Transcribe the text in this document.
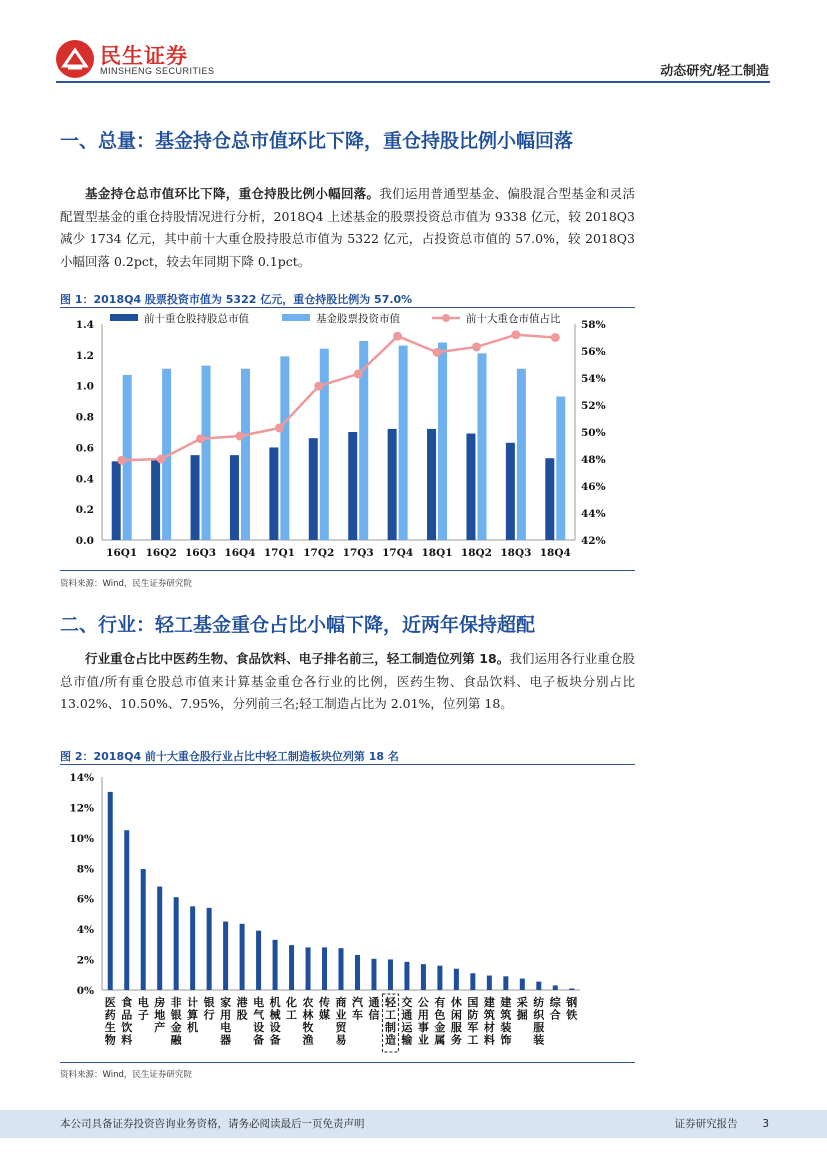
民生证券
MINSHENG SECURITIES	动态研究/轻工制造
一、总量：基金持仓总市值环比下降，重仓持股比例小幅回落
基金持仓总市值环比下降，重仓持股比例小幅回落。我们运用普通型基金、偏股混合型基金和灵活配置型基金的重仓持股情况进行分析，2018Q4 上述基金的股票投资总市值为 9338 亿元，较 2018Q3 减少 1734 亿元，其中前十大重仓股持股总市值为 5322 亿元，占投资总市值的 57.0%，较 2018Q3 小幅回落 0.2pct，较去年同期下降 0.1pct。
图 1：2018Q4 股票投资市值为 5322 亿元，重仓持股比例为 57.0%
0.0
0.2
0.4
0.6
0.8
1.0
1.2
1.4
42%
44%
46%
48%
50%
52%
54%
56%
58%
16Q1 16Q2 16Q3 16Q4 17Q1 17Q2 17Q3 17Q4 18Q1 18Q2 18Q3 18Q4
前十重仓股持股总市值	基金股票投资市值	前十大重仓市值占比
资料来源：Wind，民生证券研究院
二、行业：轻工基金重仓占比小幅下降，近两年保持超配
行业重仓占比中医药生物、食品饮料、电子排名前三，轻工制造位列第 18。我们运用各行业重仓股总市值/所有重仓股总市值来计算基金重仓各行业的比例，医药生物、食品饮料、电子板块分别占比 13.02%、10.50%、7.95%，分列前三名;轻工制造占比为 2.01%，位列第 18。
图 2：2018Q4 前十大重仓股行业占比中轻工制造板块位列第 18 名
0%
2%
4%
6%
8%
10%
12%
14%
医药生物
食品饮料
电子
房地产
非银金融
计算机
银行
家用电器
港股
电气设备
机械设备
化工
农林牧渔
传媒
商业贸易
汽车
通信
轻工制造
交通运输
公用事业
有色金属
休闲服务
国防军工
建筑材料
建筑装饰
采掘
纺织服装
综合
钢铁
资料来源：Wind，民生证券研究院
本公司具备证券投资咨询业务资格，请务必阅读最后一页免责声明	证券研究报告 3
